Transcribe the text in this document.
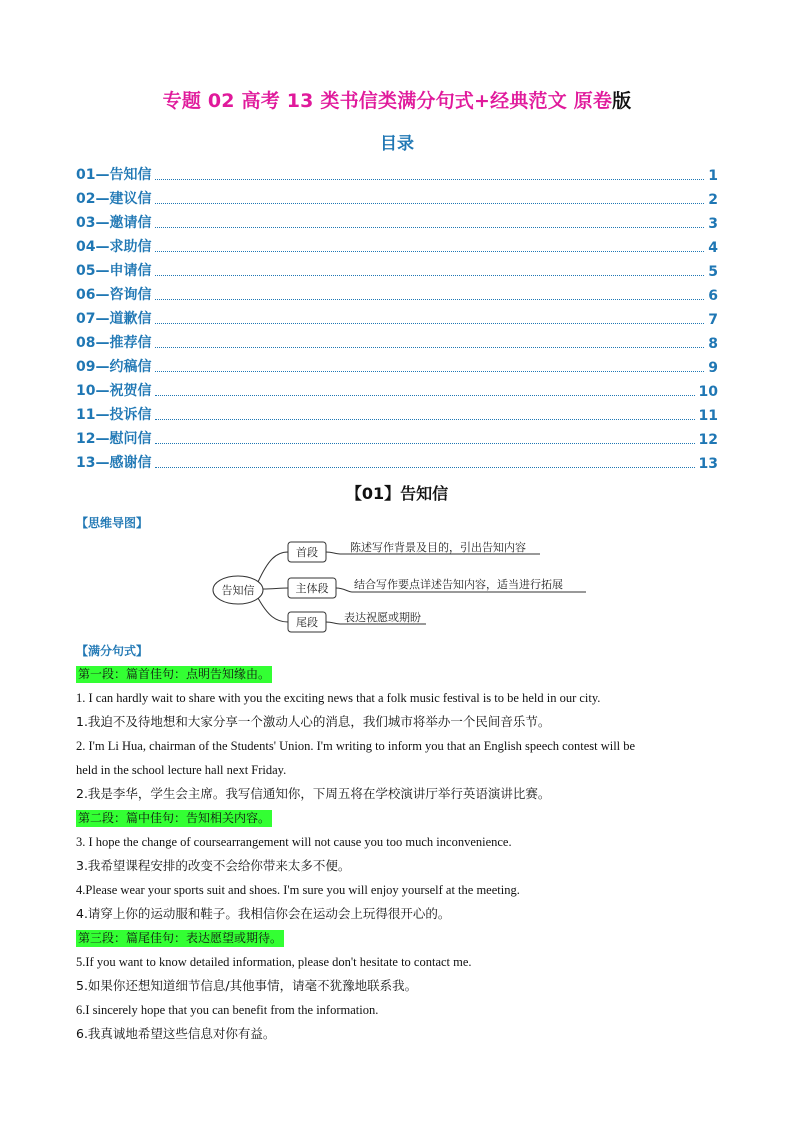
专题 02 高考 13 类书信类满分句式+经典范文 原卷版
目录
01—告知信	1
02—建议信	2
03—邀请信	3
04—求助信	4
05—申请信	5
06—咨询信	6
07—道歉信	7
08—推荐信	8
09—约稿信	9
10—祝贺信	10
11—投诉信	11
12—慰问信	12
13—感谢信	13
【01】告知信
【思维导图】
告知信
首段	陈述写作背景及目的，引出告知内容
主体段 结合写作要点详述告知内容，适当进行拓展
尾段 表达祝愿或期盼
【满分句式】
第一段：篇首佳句：点明告知缘由。
1. I can hardly wait to share with you the exciting news that a folk music festival is to be held in our city.
1.我迫不及待地想和大家分享一个激动人心的消息，我们城市将举办一个民间音乐节。
2. I'm Li Hua, chairman of the Students' Union. I'm writing to inform you that an English speech contest will be
held in the school lecture hall next Friday.
2.我是李华，学生会主席。我写信通知你，下周五将在学校演讲厅举行英语演讲比赛。
第二段：篇中佳句：告知相关内容。
3. I hope the change of coursearrangement will not cause you too much inconvenience.
3.我希望课程安排的改变不会给你带来太多不便。
4.Please wear your sports suit and shoes. I'm sure you will enjoy yourself at the meeting.
4.请穿上你的运动服和鞋子。我相信你会在运动会上玩得很开心的。
第三段：篇尾佳句：表达愿望或期待。
5.If you want to know detailed information, please don't hesitate to contact me.
5.如果你还想知道细节信息/其他事情，请毫不犹豫地联系我。
6.I sincerely hope that you can benefit from the information.
6.我真诚地希望这些信息对你有益。
